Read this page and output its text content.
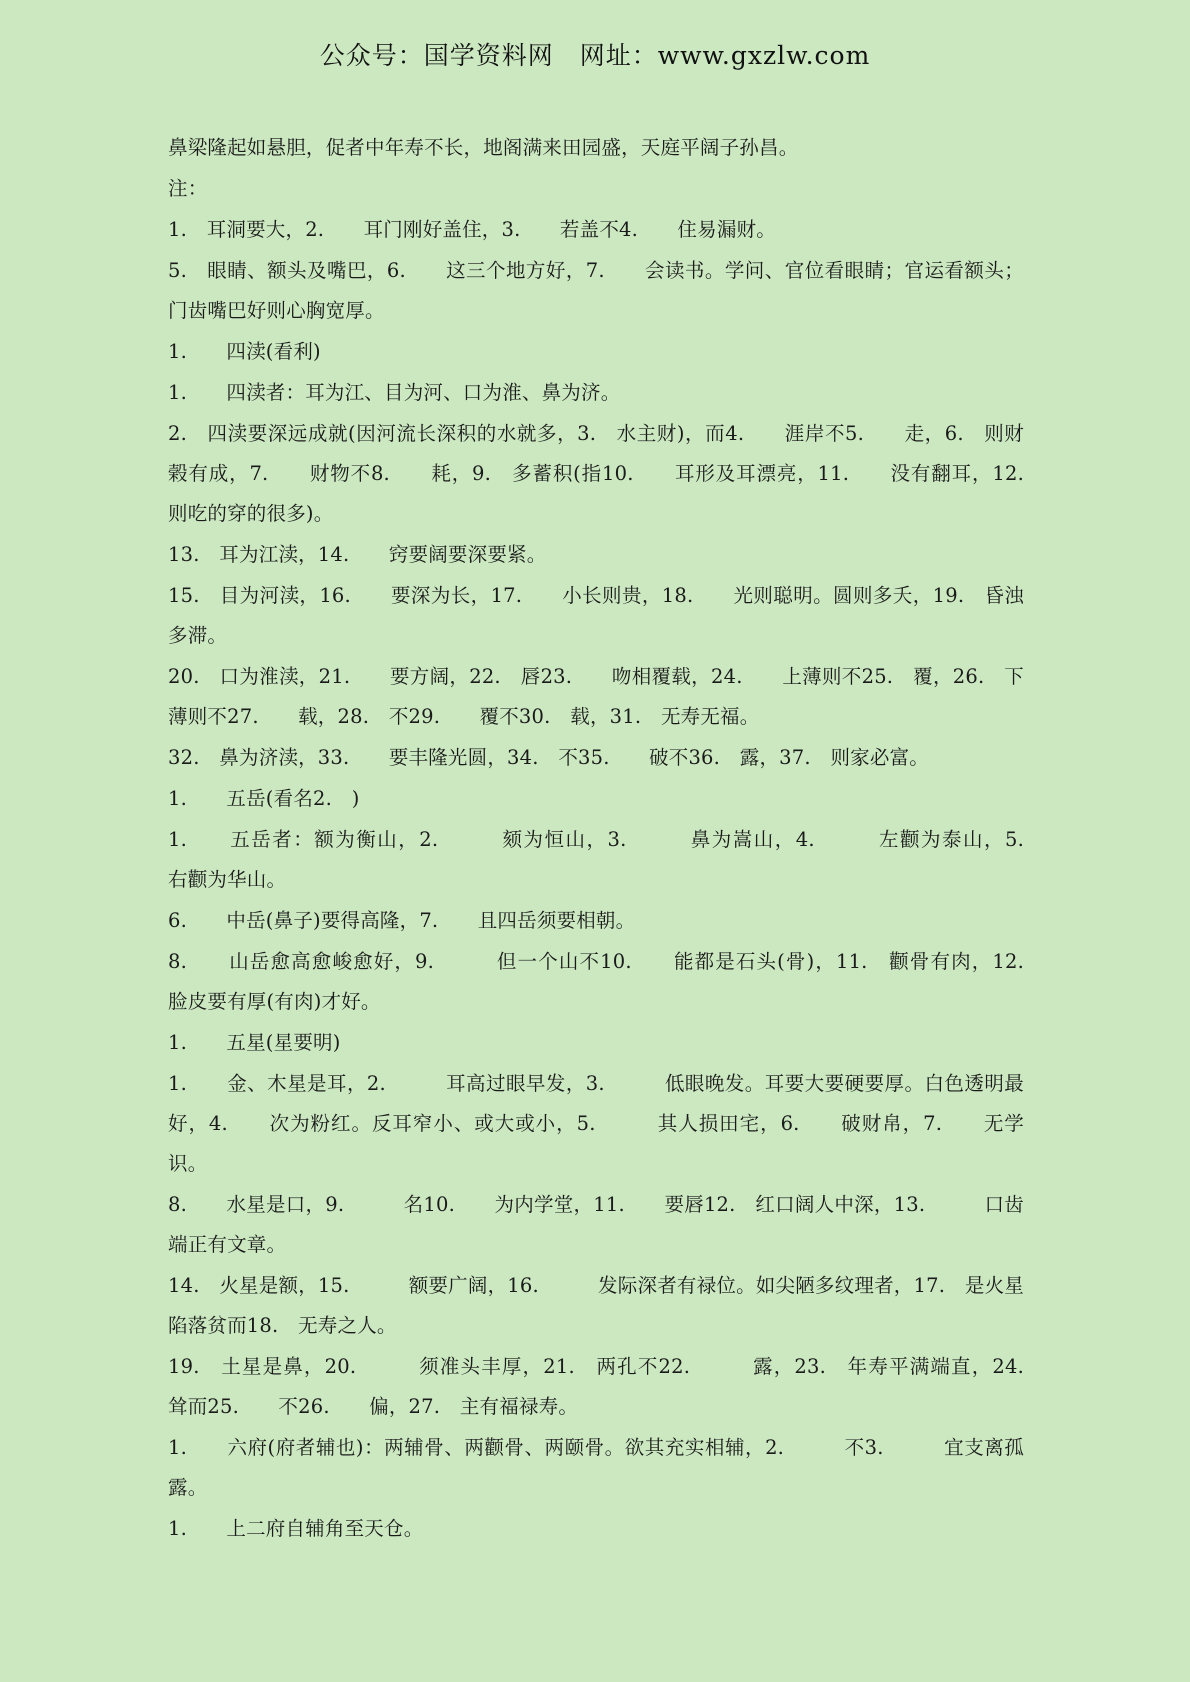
公众号：国学资料网　网址：www.gxzlw.com

鼻梁隆起如悬胆，促者中年寿不长，地阁满来田园盛，天庭平阔子孙昌。

注：

1.　耳洞要大，2.　　耳门刚好盖住，3.　　若盖不4.　　住易漏财。

5.　眼睛、额头及嘴巴，6.　　这三个地方好，7.　　会读书。学问、官位看眼睛；官运看额头；门齿嘴巴好则心胸宽厚。

1.　　四渎(看利)

1.　　四渎者：耳为江、目为河、口为淮、鼻为济。

2.　四渎要深远成就(因河流长深积的水就多，3.　水主财)，而4.　　涯岸不5.　　走，6.　则财榖有成，7.　　财物不8.　　耗，9.　多蓄积(指10.　　耳形及耳漂亮，11.　　没有翻耳，12.　则吃的穿的很多)。

13.　耳为江渎，14.　　窍要阔要深要紧。

15.　目为河渎，16.　　要深为长，17.　　小长则贵，18.　　光则聪明。圆则多夭，19.　昏浊多滞。

20.　口为淮渎，21.　　要方阔，22.　唇23.　　吻相覆载，24.　　上薄则不25.　覆，26.　下薄则不27.　　载，28.　不29.　　覆不30.　载，31.　无寿无福。

32.　鼻为济渎，33.　　要丰隆光圆，34.　不35.　　破不36.　露，37.　则家必富。

1.　　五岳(看名2.　)

1.　　五岳者：额为衡山，2.　　　颏为恒山，3.　　　鼻为嵩山，4.　　　左颧为泰山，5.　　右颧为华山。

6.　　中岳(鼻子)要得高隆，7.　　且四岳须要相朝。

8.　　山岳愈高愈峻愈好，9.　　　但一个山不10.　　能都是石头(骨)，11.　颧骨有肉，12.　脸皮要有厚(有肉)才好。

1.　　五星(星要明)

1.　　金、木星是耳，2.　　　耳高过眼早发，3.　　　低眼晚发。耳要大要硬要厚。白色透明最好，4.　　次为粉红。反耳窄小、或大或小，5.　　　其人损田宅，6.　　破财帛，7.　　无学识。

8.　　水星是口，9.　　　名10.　　为内学堂，11.　　要唇12.　红口阔人中深，13.　　　口齿端正有文章。

14.　火星是额，15.　　　额要广阔，16.　　　发际深者有禄位。如尖陋多纹理者，17.　是火星陷落贫而18.　无寿之人。

19.　土星是鼻，20.　　　须准头丰厚，21.　两孔不22.　　　露，23.　年寿平满端直，24.　　耸而25.　　不26.　　偏，27.　主有福禄寿。

1.　　六府(府者辅也)：两辅骨、两颧骨、两颐骨。欲其充实相辅，2.　　　不3.　　　宜支离孤露。

1.　　上二府自辅角至天仓。
